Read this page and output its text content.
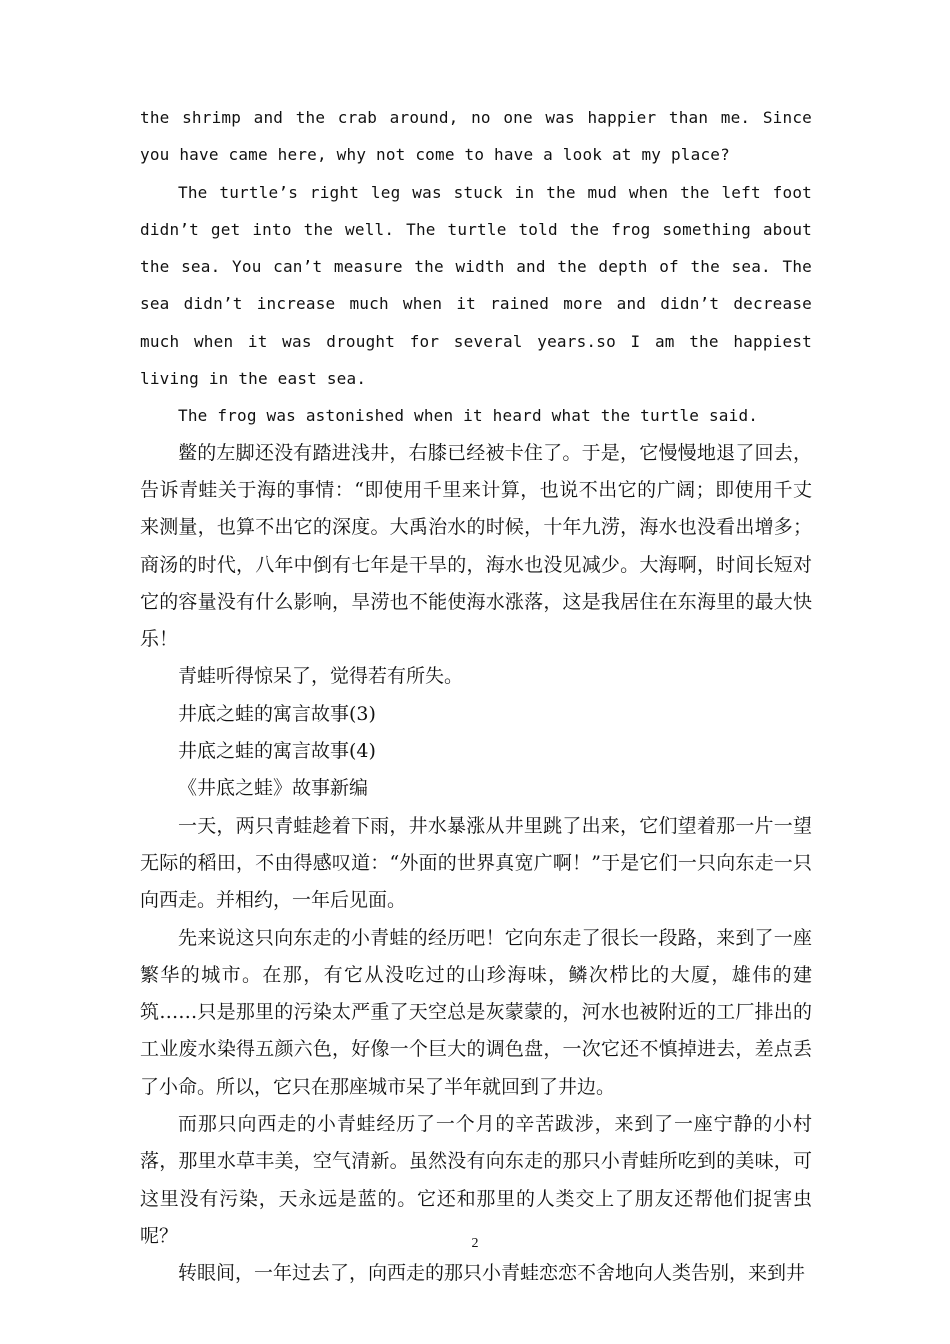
the shrimp and the crab around, no one was happier than me. Since you have came here, why not come to have a look at my place?

The turtle’s right leg was stuck in the mud when the left foot didn’t get into the well. The turtle told the frog something about the sea. You can’t measure the width and the depth of the sea. The sea didn’t increase much when it rained more and didn’t decrease much when it was drought for several years.so I am the happiest living in the east sea.

The frog was astonished when it heard what the turtle said.

鳖的左脚还没有踏进浅井，右膝已经被卡住了。于是，它慢慢地退了回去，告诉青蛙关于海的事情：“即使用千里来计算，也说不出它的广阔；即使用千丈来测量，也算不出它的深度。大禹治水的时候，十年九涝，海水也没看出增多；商汤的时代，八年中倒有七年是干旱的，海水也没见减少。大海啊，时间长短对它的容量没有什么影响，旱涝也不能使海水涨落，这是我居住在东海里的最大快乐！

青蛙听得惊呆了，觉得若有所失。

井底之蛙的寓言故事(3)

井底之蛙的寓言故事(4)

《井底之蛙》故事新编

一天，两只青蛙趁着下雨，井水暴涨从井里跳了出来，它们望着那一片一望无际的稻田，不由得感叹道：“外面的世界真宽广啊！”于是它们一只向东走一只向西走。并相约，一年后见面。

先来说这只向东走的小青蛙的经历吧！它向东走了很长一段路，来到了一座繁华的城市。在那，有它从没吃过的山珍海味，鳞次栉比的大厦，雄伟的建筑……只是那里的污染太严重了天空总是灰蒙蒙的，河水也被附近的工厂排出的工业废水染得五颜六色，好像一个巨大的调色盘，一次它还不慎掉进去，差点丢了小命。所以，它只在那座城市呆了半年就回到了井边。

而那只向西走的小青蛙经历了一个月的辛苦跋涉，来到了一座宁静的小村落，那里水草丰美，空气清新。虽然没有向东走的那只小青蛙所吃到的美味，可这里没有污染，天永远是蓝的。它还和那里的人类交上了朋友还帮他们捉害虫呢？

转眼间，一年过去了，向西走的那只小青蛙恋恋不舍地向人类告别，来到井

2
